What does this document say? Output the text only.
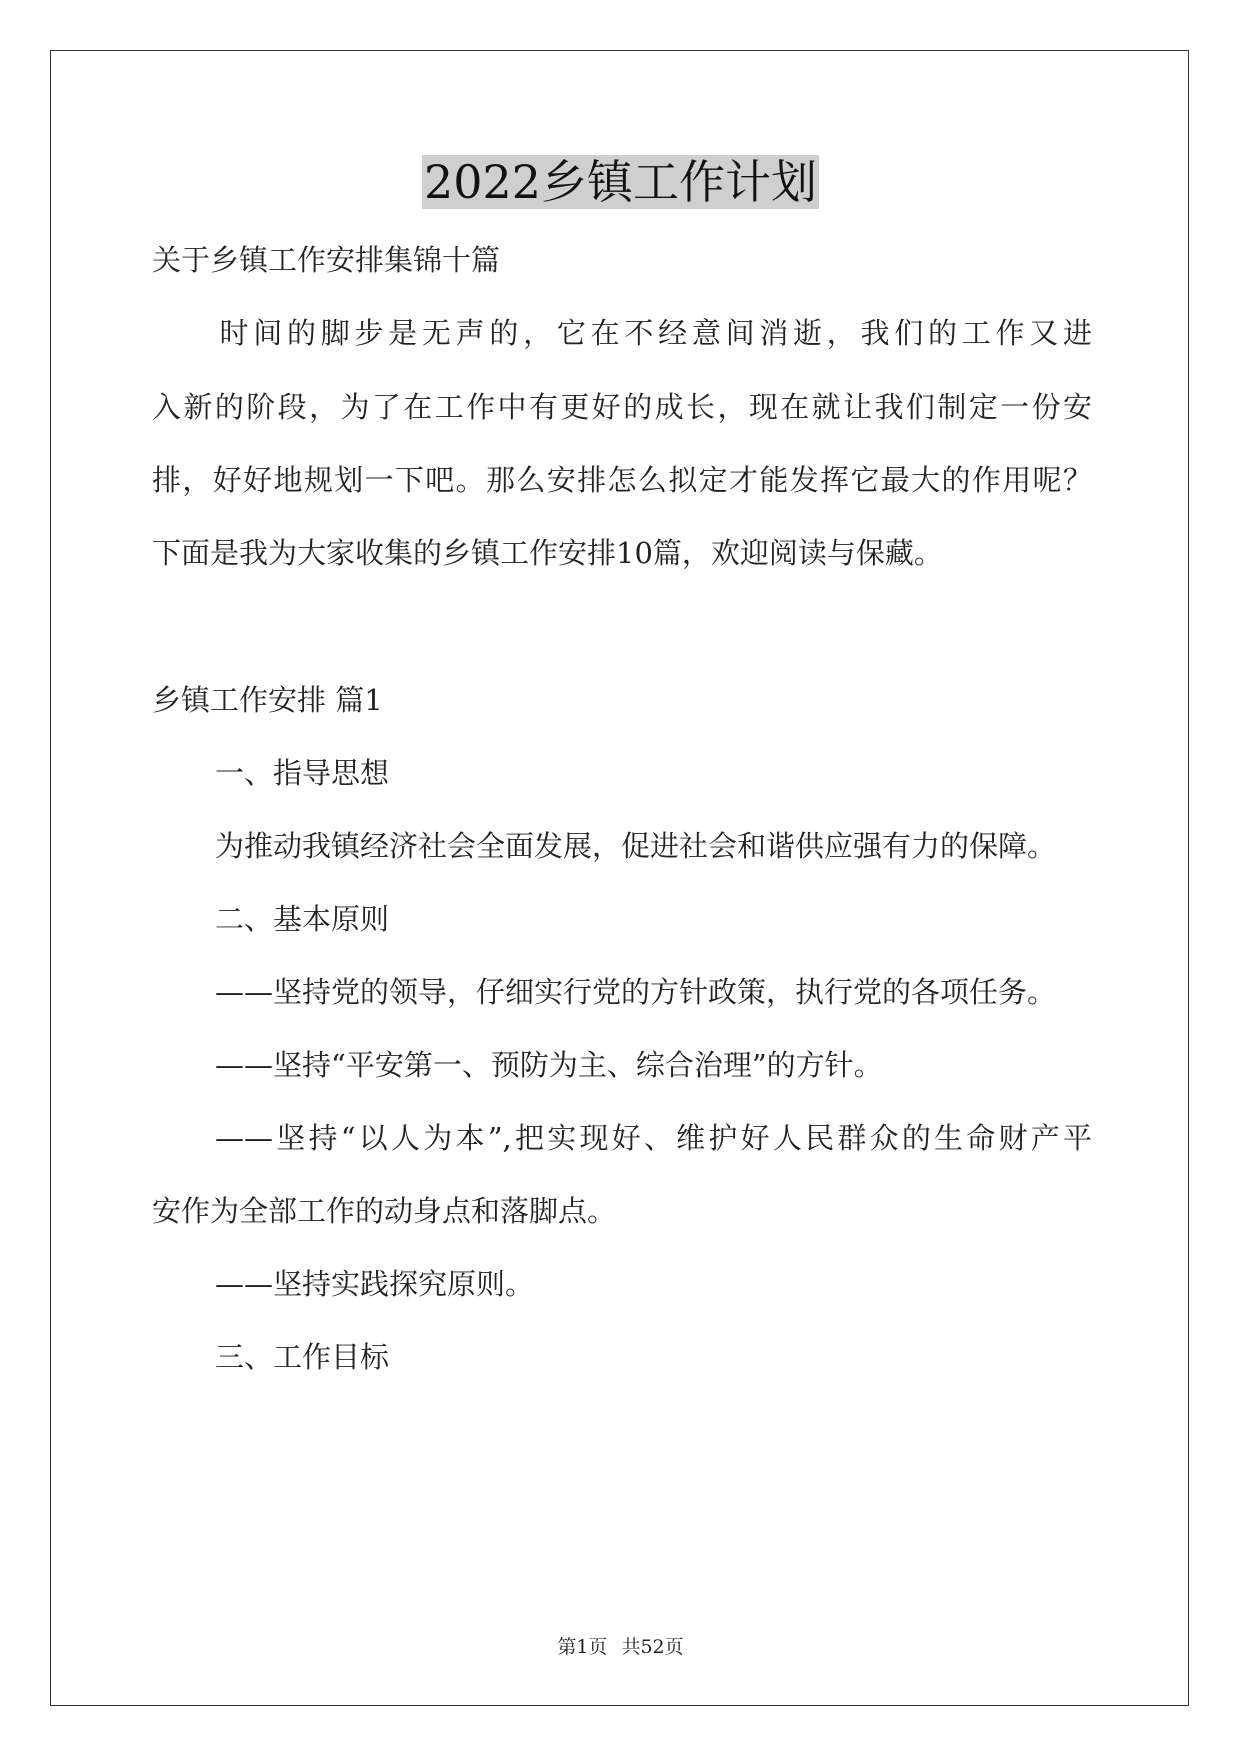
2022乡镇工作计划
关于乡镇工作安排集锦十篇
　　时间的脚步是无声的，它在不经意间消逝，我们的工作又进
入新的阶段，为了在工作中有更好的成长，现在就让我们制定一份安
排，好好地规划一下吧。那么安排怎么拟定才能发挥它最大的作用呢？
下面是我为大家收集的乡镇工作安排10篇，欢迎阅读与保藏。
乡镇工作安排 篇1
一、指导思想
为推动我镇经济社会全面发展，促进社会和谐供应强有力的保障。
二、基本原则
——坚持党的领导，仔细实行党的方针政策，执行党的各项任务。
——坚持“平安第一、预防为主、综合治理”的方针。
——坚持“以人为本”,把实现好、维护好人民群众的生命财产平
安作为全部工作的动身点和落脚点。
——坚持实践探究原则。
三、工作目标
第1页 共52页
